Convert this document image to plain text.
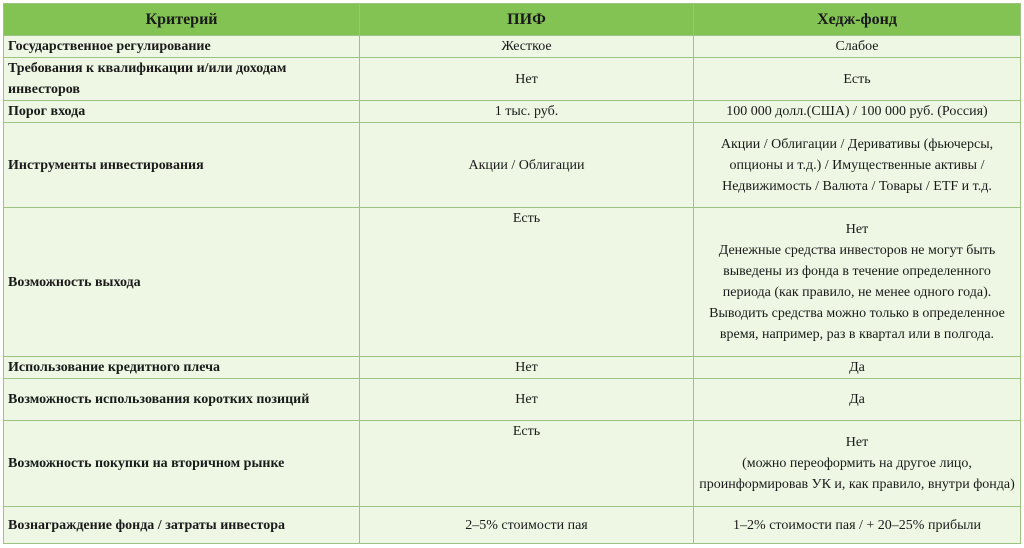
Критерий	ПИФ	Хедж-фонд
Государственное регулирование	Жесткое	Слабое
Требования к квалификации и/или доходам инвесторов	Нет	Есть
Порог входа	1 тыс. руб.	100 000 долл.(США) / 100 000 руб. (Россия)
Инструменты инвестирования	Акции / Облигации	Акции / Облигации / Деривативы (фьючерсы, опционы и т.д.) / Имущественные активы / Недвижимость / Валюта / Товары / ETF и т.д.
Возможность выхода	Есть	Нет
Денежные средства инвесторов не могут быть выведены из фонда в течение определенного периода (как правило, не менее одного года). Выводить средства можно только в определенное время, например, раз в квартал или в полгода.

Использование кредитного плеча	Нет	Да
Возможность использования коротких позиций	Нет	Да
Возможность покупки на вторичном рынке	Есть	Нет
(можно переоформить на другое лицо, проинформировав УК и, как правило, внутри фонда)

Вознаграждение фонда / затраты инвестора	2–5% стоимости пая	1–2% стоимости пая / + 20–25% прибыли
